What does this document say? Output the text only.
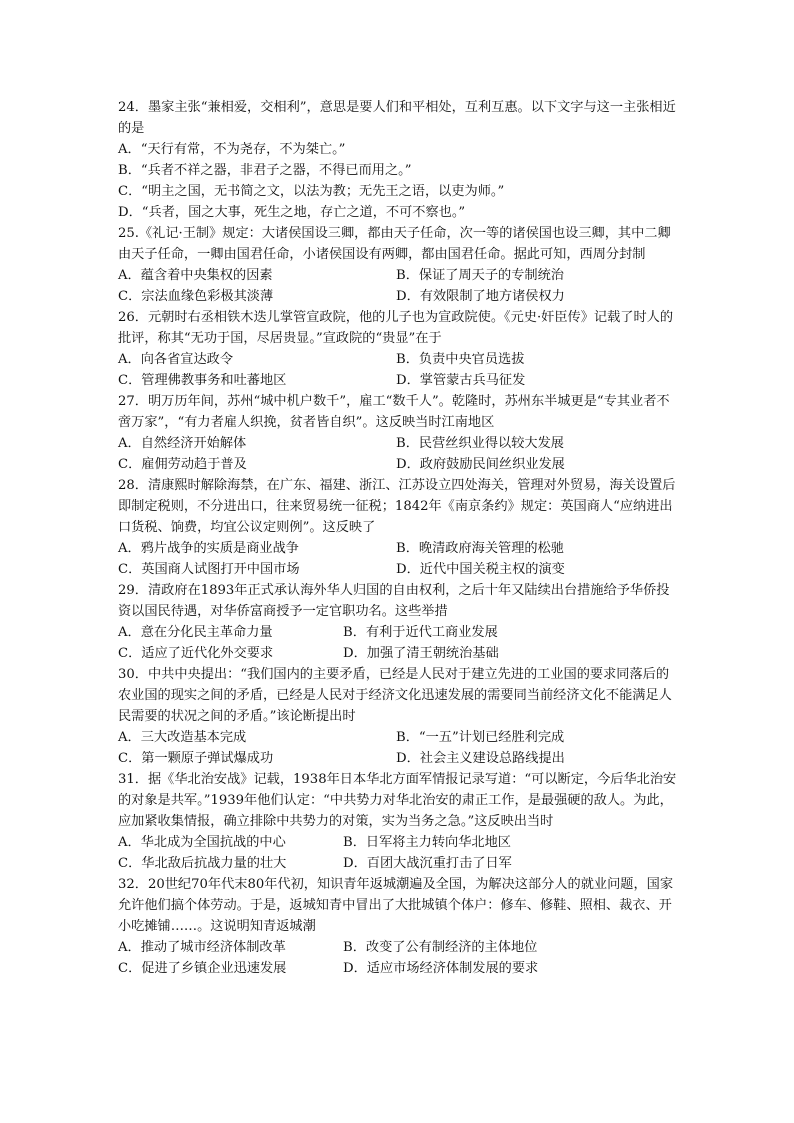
24．墨家主张“兼相爱，交相利”，意思是要人们和平相处，互利互惠。以下文字与这一主张相近的是
A．“天行有常，不为尧存，不为桀亡。”
B．“兵者不祥之器，非君子之器，不得已而用之。”
C．“明主之国，无书简之文，以法为教；无先王之语，以吏为师。”
D．“兵者，国之大事，死生之地，存亡之道，不可不察也。”
25.《礼记·王制》规定：大诸侯国设三卿，都由天子任命，次一等的诸侯国也设三卿，其中二卿由天子任命，一卿由国君任命，小诸侯国设有两卿，都由国君任命。据此可知，西周分封制
A．蕴含着中央集权的因素	B．保证了周天子的专制统治
C．宗法血缘色彩极其淡薄	D．有效限制了地方诸侯权力
26．元朝时右丞相铁木迭儿掌管宣政院，他的儿子也为宣政院使。《元史·奸臣传》记载了时人的批评，称其“无功于国，尽居贵显。”宣政院的“贵显”在于
A．向各省宣达政令	B．负责中央官员选拔
C．管理佛教事务和吐蕃地区	D．掌管蒙古兵马征发
27．明万历年间，苏州“城中机户数千”，雇工“数千人”。乾隆时，苏州东半城更是“专其业者不啻万家”，“有力者雇人织挽，贫者皆自织”。这反映当时江南地区
A．自然经济开始解体	B．民营丝织业得以较大发展
C．雇佣劳动趋于普及	D．政府鼓励民间丝织业发展
28．清康熙时解除海禁，在广东、福建、浙江、江苏设立四处海关，管理对外贸易，海关设置后即制定税则，不分进出口，往来贸易统一征税；1842年《南京条约》规定：英国商人“应纳进出口货税、饷费，均宜公议定则例”。这反映了
A．鸦片战争的实质是商业战争	B．晚清政府海关管理的松驰
C．英国商人试图打开中国市场	D．近代中国关税主权的演变
29．清政府在1893年正式承认海外华人归国的自由权利，之后十年又陆续出台措施给予华侨投资以国民待遇，对华侨富商授予一定官职功名。这些举措
A．意在分化民主革命力量	B．有利于近代工商业发展
C．适应了近代化外交要求	D．加强了清王朝统治基础
30．中共中央提出：“我们国内的主要矛盾，已经是人民对于建立先进的工业国的要求同落后的农业国的现实之间的矛盾，已经是人民对于经济文化迅速发展的需要同当前经济文化不能满足人民需要的状况之间的矛盾。”该论断提出时
A．三大改造基本完成	B．“一五”计划已经胜利完成
C．第一颗原子弹试爆成功	D．社会主义建设总路线提出
31．据《华北治安战》记载，1938年日本华北方面军情报记录写道：“可以断定，今后华北治安的对象是共军。”1939年他们认定：“中共势力对华北治安的肃正工作，是最强硬的敌人。为此，应加紧收集情报，确立排除中共势力的对策，实为当务之急。”这反映出当时
A．华北成为全国抗战的中心	B．日军将主力转向华北地区
C．华北敌后抗战力量的壮大	D．百团大战沉重打击了日军
32．20世纪70年代末80年代初，知识青年返城潮遍及全国，为解决这部分人的就业问题，国家允许他们搞个体劳动。于是，返城知青中冒出了大批城镇个体户：修车、修鞋、照相、裁衣、开小吃摊铺……。这说明知青返城潮
A．推动了城市经济体制改革	B．改变了公有制经济的主体地位
C．促进了乡镇企业迅速发展	D．适应市场经济体制发展的要求
